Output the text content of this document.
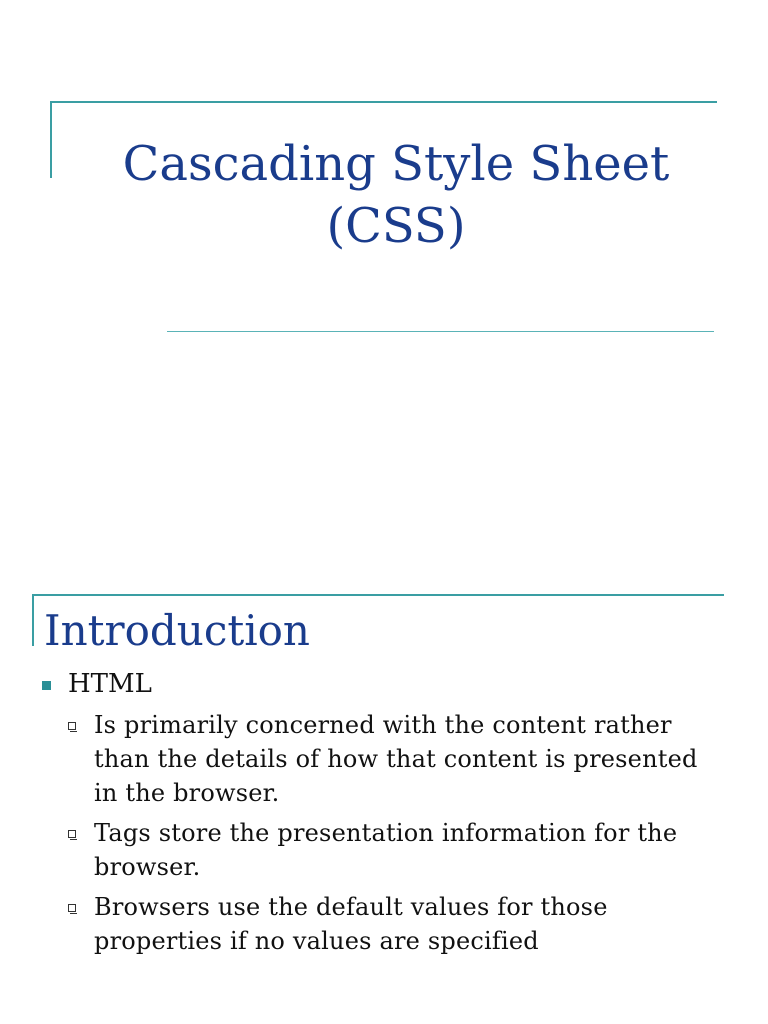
Cascading Style Sheet
(CSS)
Introduction
HTML
Is primarily concerned with the content rather than the details of how that content is presented in the browser.
Tags store the presentation information for the browser.
Browsers use the default values for those properties if no values are specified
